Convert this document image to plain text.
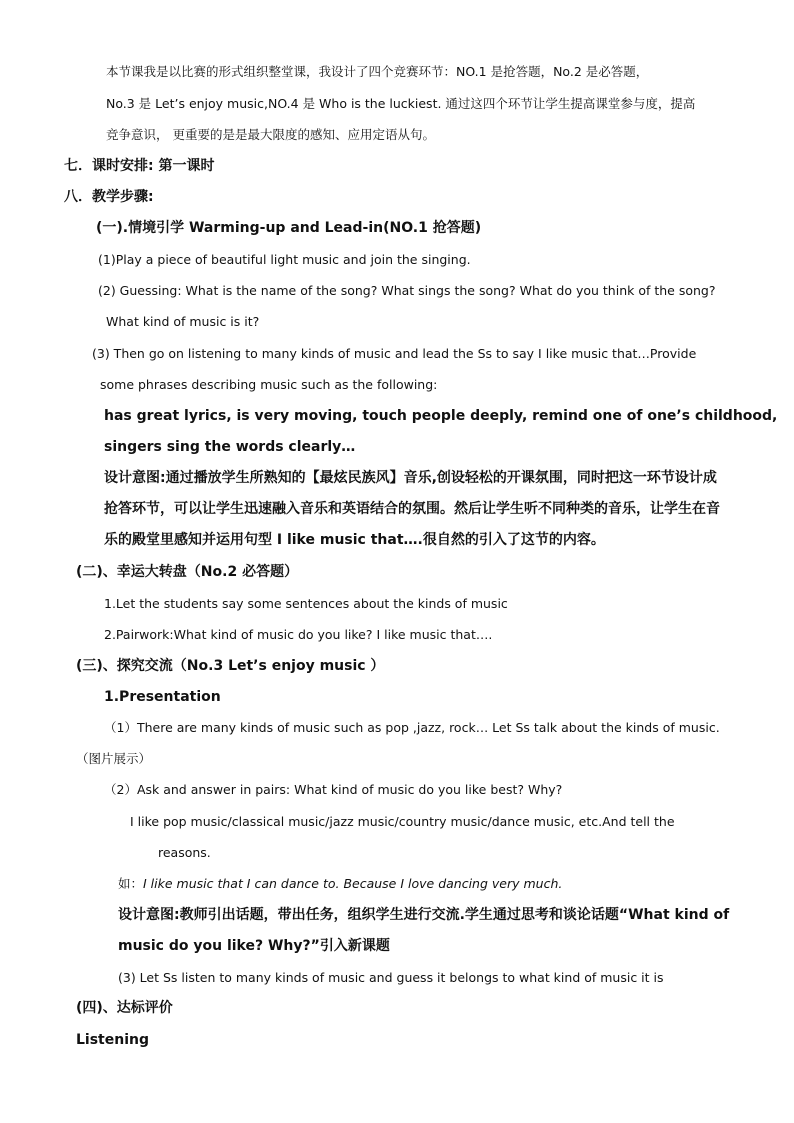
本节课我是以比赛的形式组织整堂课，我设计了四个竞赛环节：NO.1 是抢答题，No.2 是必答题，
No.3 是 Let’s enjoy music,NO.4 是 Who is the luckiest. 通过这四个环节让学生提高课堂参与度，提高
竞争意识， 更重要的是是最大限度的感知、应用定语从句。
七．课时安排: 第一课时
八．教学步骤:
(一).情境引学 Warming-up and Lead-in(NO.1 抢答题)
(1)Play a piece of beautiful light music and join the singing.
(2) Guessing: What is the name of the song? What sings the song? What do you think of the song?
What kind of music is it?
(3) Then go on listening to many kinds of music and lead the Ss to say I like music that…Provide
some phrases describing music such as the following:
has great lyrics, is very moving, touch people deeply, remind one of one’s childhood,
singers sing the words clearly…
设计意图:通过播放学生所熟知的【最炫民族风】音乐,创设轻松的开课氛围，同时把这一环节设计成
抢答环节，可以让学生迅速融入音乐和英语结合的氛围。然后让学生听不同种类的音乐，让学生在音
乐的殿堂里感知并运用句型 I like music that….很自然的引入了这节的内容。
(二)、幸运大转盘（No.2 必答题）
1.Let the students say some sentences about the kinds of music
2.Pairwork:What kind of music do you like? I like music that….
(三)、探究交流（No.3 Let’s enjoy music ）
1.Presentation
（1）There are many kinds of music such as pop ,jazz, rock… Let Ss talk about the kinds of music.
（图片展示）
（2）Ask and answer in pairs: What kind of music do you like best? Why?
I like pop music/classical music/jazz music/country music/dance music, etc.And tell the
reasons.
如：I like music that I can dance to. Because I love dancing very much.
设计意图:教师引出话题，带出任务，组织学生进行交流.学生通过思考和谈论话题“What kind of
music do you like? Why?”引入新课题
(3) Let Ss listen to many kinds of music and guess it belongs to what kind of music it is
(四)、达标评价
Listening
